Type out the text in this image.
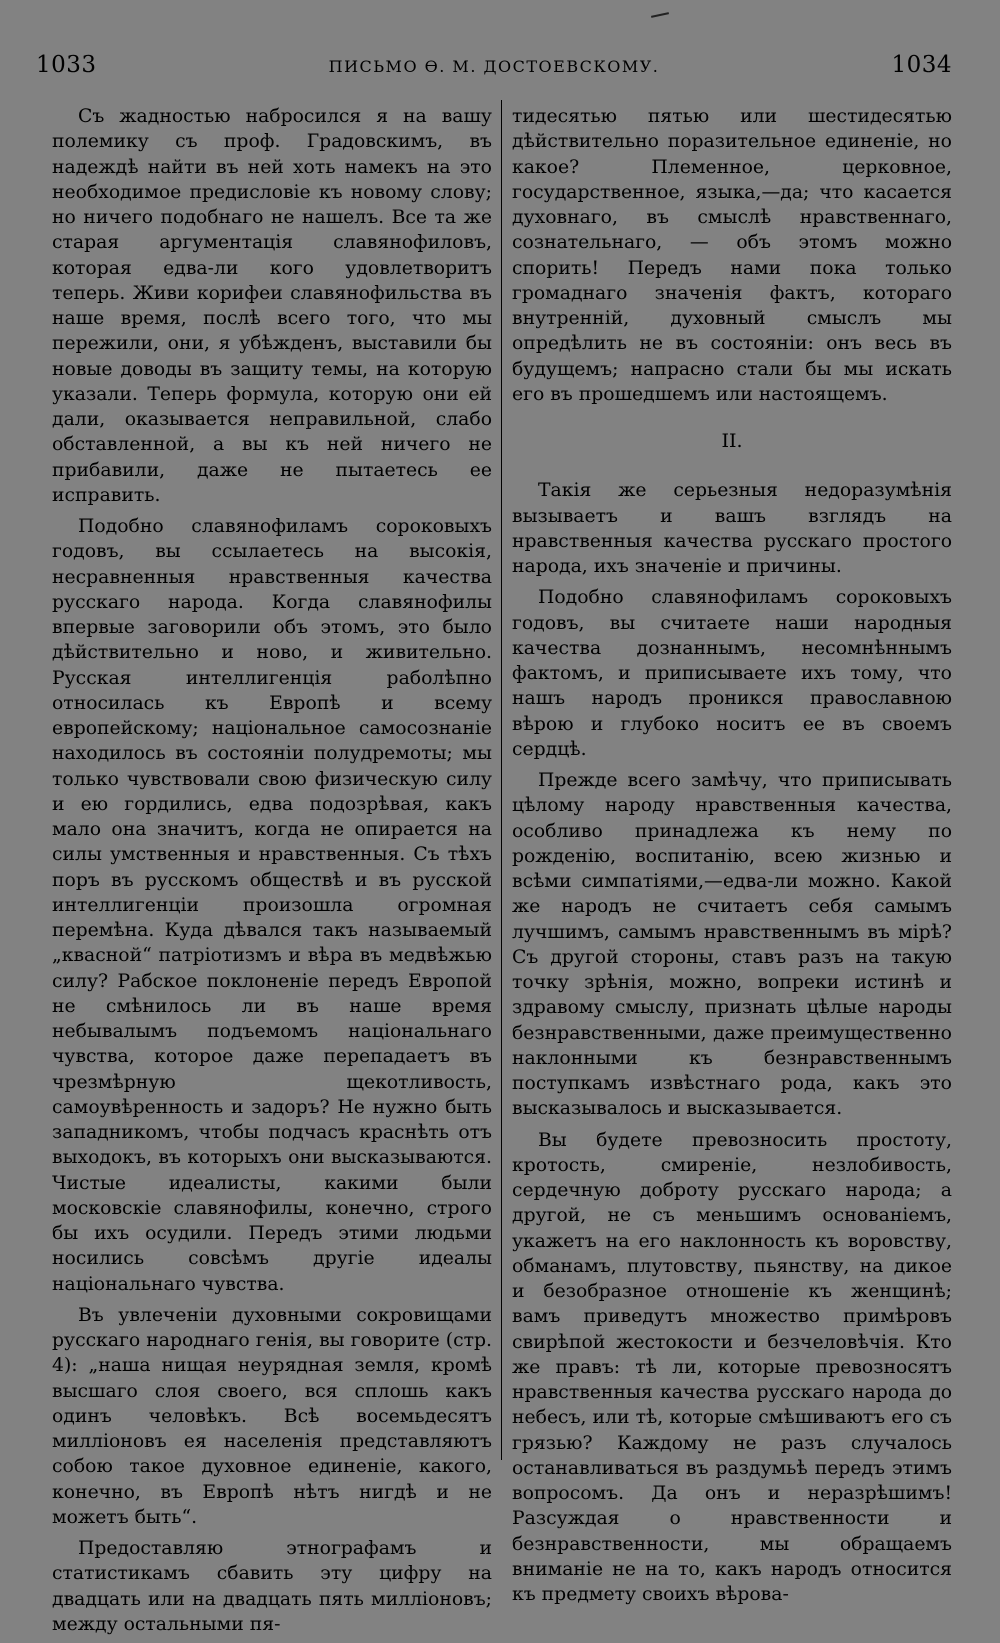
1033	ПИСЬМО Ѳ. М. ДОСТОЕВСКОМУ.	1034

Съ жадностью набросился я на вашу полемику съ проф. Градовскимъ, въ надеждѣ найти въ ней хоть намекъ на это необходимое предисловіе къ новому слову; но ничего подобнаго не нашелъ. Все та же старая аргументація славянофиловъ, которая едва-ли кого удовлетворитъ теперь. Живи корифеи славянофильства въ наше время, послѣ всего того, что мы пережили, они, я убѣжденъ, выставили бы новые доводы въ защиту темы, на которую указали. Теперь формула, которую они ей дали, оказывается неправильной, слабо обставленной, а вы къ ней ничего не прибавили, даже не пытаетесь ее исправить.

Подобно славянофиламъ сороковыхъ годовъ, вы ссылаетесь на высокія, несравненныя нравственныя качества русскаго народа. Когда славянофилы впервые заговорили объ этомъ, это было дѣйствительно и ново, и живительно. Русская интеллигенція раболѣпно относилась къ Европѣ и всему европейскому; національное самосознаніе находилось въ состояніи полудремоты; мы только чувствовали свою физическую силу и ею гордились, едва подозрѣвая, какъ мало она значитъ, когда не опирается на силы умственныя и нравственныя. Съ тѣхъ поръ въ русскомъ обществѣ и въ русской интеллигенціи произошла огромная перемѣна. Куда дѣвался такъ называемый „квасной“ патріотизмъ и вѣра въ медвѣжью силу? Рабское поклоненіе передъ Европой не смѣнилось ли въ наше время небывалымъ подъемомъ національнаго чувства, которое даже перепадаетъ въ чрезмѣрную щекотливость, самоувѣренность и задоръ? Не нужно быть западникомъ, чтобы подчасъ краснѣть отъ выходокъ, въ которыхъ они высказываются. Чистые идеалисты, какими были московскіе славянофилы, конечно, строго бы ихъ осудили. Передъ этими людьми носились совсѣмъ другіе идеалы національнаго чувства.

Въ увлеченіи духовными сокровищами русскаго народнаго генія, вы говорите (стр. 4): „наша нищая неурядная земля, кромѣ высшаго слоя своего, вся сплошь какъ одинъ человѣкъ. Всѣ восемьдесятъ милліоновъ ея населенія представляютъ собою такое духовное единеніе, какого, конечно, въ Европѣ нѣтъ нигдѣ и не можетъ быть“.

Предоставляю этнографамъ и статистикамъ сбавить эту цифру на двадцать или на двадцать пять милліоновъ; между остальными пя-

тидесятью пятью или шестидесятью дѣйствительно поразительное единеніе, но какое? Племенное, церковное, государственное, языка,—да; что касается духовнаго, въ смыслѣ нравственнаго, сознательнаго, — объ этомъ можно спорить! Передъ нами пока только громаднаго значенія фактъ, котораго внутренній, духовный смыслъ мы опредѣлить не въ состояніи: онъ весь въ будущемъ; напрасно стали бы мы искать его въ прошедшемъ или настоящемъ.

II.

Такія же серьезныя недоразумѣнія вызываетъ и вашъ взглядъ на нравственныя качества русскаго простого народа, ихъ значеніе и причины.

Подобно славянофиламъ сороковыхъ годовъ, вы считаете наши народныя качества дознаннымъ, несомнѣннымъ фактомъ, и приписываете ихъ тому, что нашъ народъ проникся православною вѣрою и глубоко носитъ ее въ своемъ сердцѣ.

Прежде всего замѣчу, что приписывать цѣлому народу нравственныя качества, особливо принадлежа къ нему по рожденію, воспитанію, всею жизнью и всѣми симпатіями,—едва-ли можно. Какой же народъ не считаетъ себя самымъ лучшимъ, самымъ нравственнымъ въ мірѣ? Съ другой стороны, ставъ разъ на такую точку зрѣнія, можно, вопреки истинѣ и здравому смыслу, признать цѣлые народы безнравственными, даже преимущественно наклонными къ безнравственнымъ поступкамъ извѣстнаго рода, какъ это высказывалось и высказывается.

Вы будете превозносить простоту, кротость, смиреніе, незлобивость, сердечную доброту русскаго народа; а другой, не съ меньшимъ основаніемъ, укажетъ на его наклонность къ воровству, обманамъ, плутовству, пьянству, на дикое и безобразное отношеніе къ женщинѣ; вамъ приведутъ множество примѣровъ свирѣпой жестокости и безчеловѣчія. Кто же правъ: тѣ ли, которые превозносятъ нравственныя качества русскаго народа до небесъ, или тѣ, которые смѣшиваютъ его съ грязью? Каждому не разъ случалось останавливаться въ раздумьѣ передъ этимъ вопросомъ. Да онъ и неразрѣшимъ! Разсуждая о нравственности и безнравственности, мы обращаемъ вниманіе не на то, какъ народъ относится къ предмету своихъ вѣрова-
